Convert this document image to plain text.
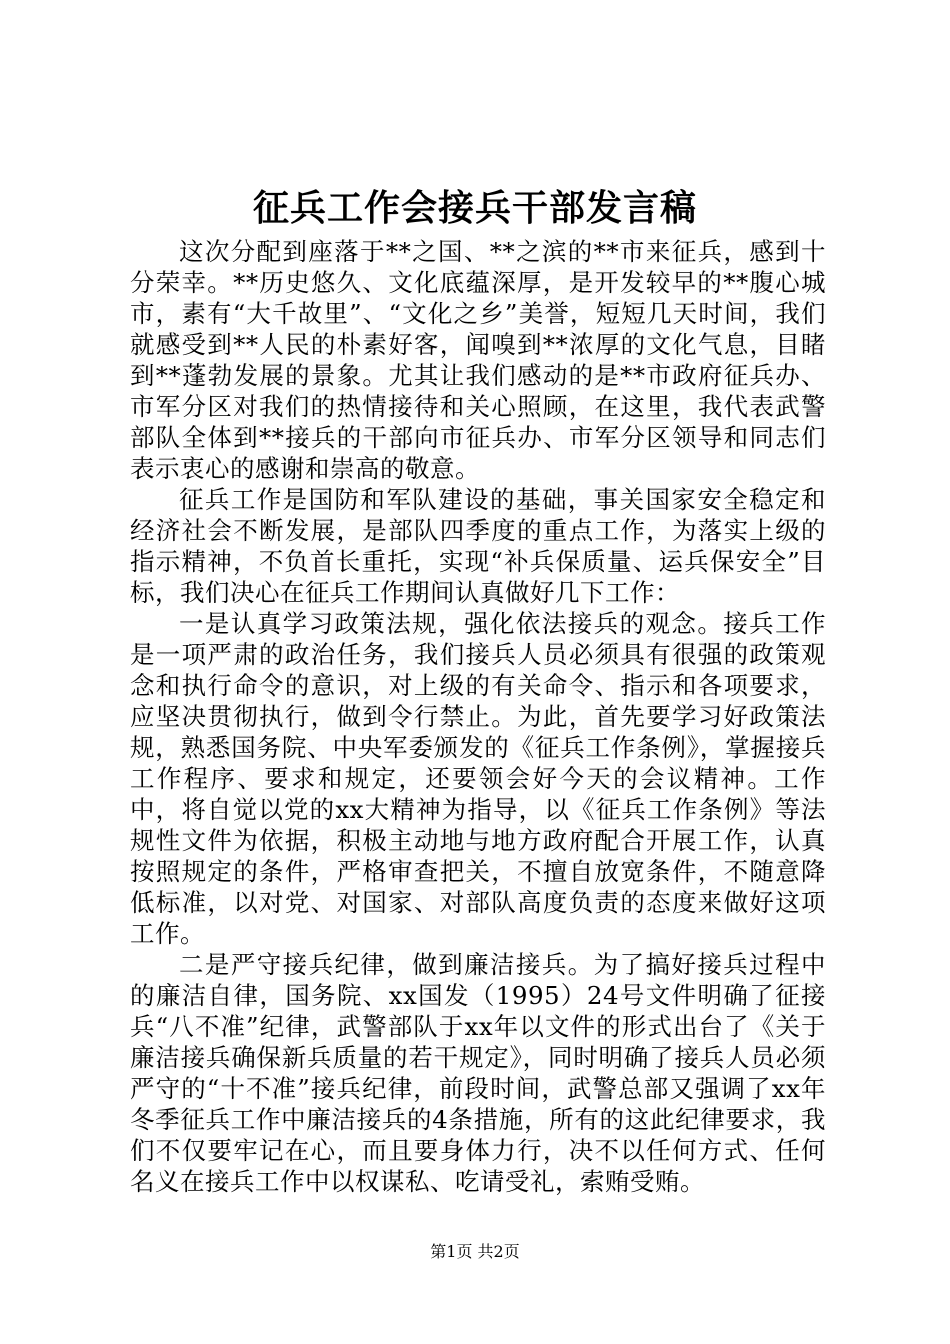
征兵工作会接兵干部发言稿

这次分配到座落于**之国、**之滨的**市来征兵，感到十分荣幸。**历史悠久、文化底蕴深厚，是开发较早的**腹心城市，素有“大千故里”、“文化之乡”美誉，短短几天时间，我们就感受到**人民的朴素好客，闻嗅到**浓厚的文化气息，目睹到**蓬勃发展的景象。尤其让我们感动的是**市政府征兵办、市军分区对我们的热情接待和关心照顾，在这里，我代表武警部队全体到**接兵的干部向市征兵办、市军分区领导和同志们表示衷心的感谢和崇高的敬意。

征兵工作是国防和军队建设的基础，事关国家安全稳定和经济社会不断发展，是部队四季度的重点工作，为落实上级的指示精神，不负首长重托，实现“补兵保质量、运兵保安全”目标，我们决心在征兵工作期间认真做好几下工作：

一是认真学习政策法规，强化依法接兵的观念。接兵工作是一项严肃的政治任务，我们接兵人员必须具有很强的政策观念和执行命令的意识，对上级的有关命令、指示和各项要求，应坚决贯彻执行，做到令行禁止。为此，首先要学习好政策法规，熟悉国务院、中央军委颁发的《征兵工作条例》，掌握接兵工作程序、要求和规定，还要领会好今天的会议精神。工作中，将自觉以党的xx大精神为指导，以《征兵工作条例》等法规性文件为依据，积极主动地与地方政府配合开展工作，认真按照规定的条件，严格审查把关，不擅自放宽条件，不随意降低标准，以对党、对国家、对部队高度负责的态度来做好这项工作。

二是严守接兵纪律，做到廉洁接兵。为了搞好接兵过程中的廉洁自律，国务院、xx国发（1995）24号文件明确了征接兵“八不准”纪律，武警部队于xx年以文件的形式出台了《关于廉洁接兵确保新兵质量的若干规定》，同时明确了接兵人员必须严守的“十不准”接兵纪律，前段时间，武警总部又强调了xx年冬季征兵工作中廉洁接兵的4条措施，所有的这此纪律要求，我们不仅要牢记在心，而且要身体力行，决不以任何方式、任何名义在接兵工作中以权谋私、吃请受礼，索贿受贿。

第1页 共2页
